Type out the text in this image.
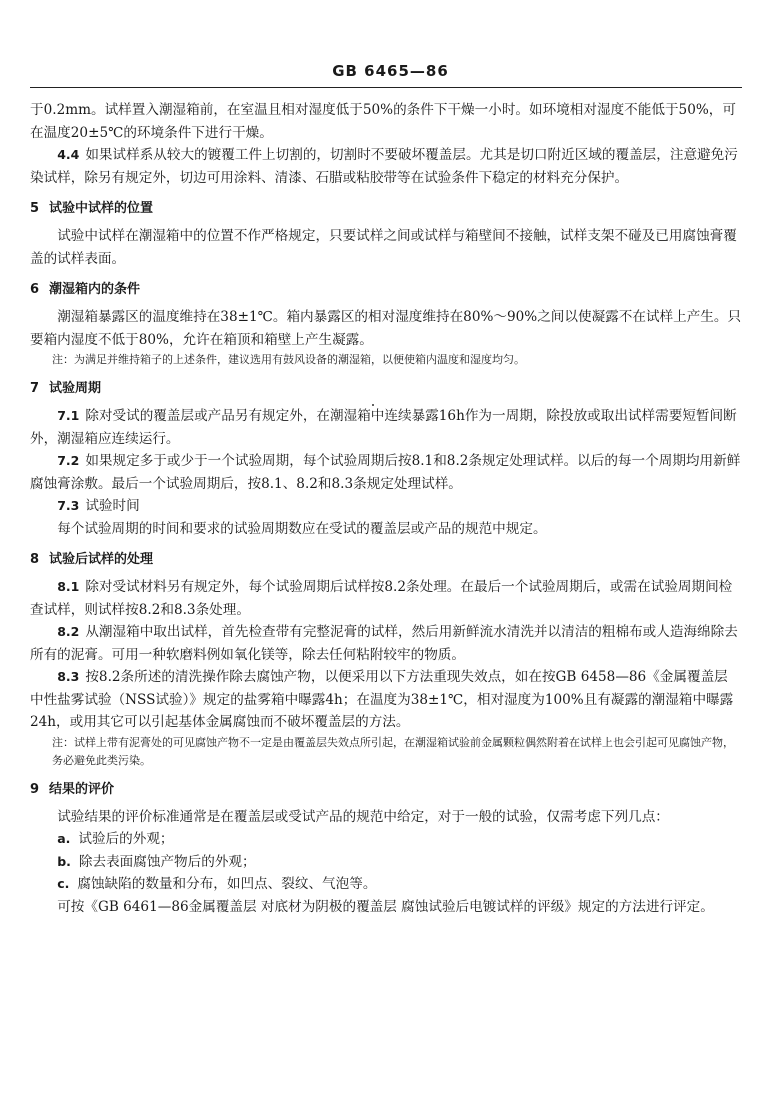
GB 6465—86

于0.2mm。试样置入潮湿箱前，在室温且相对湿度低于50%的条件下干燥一小时。如环境相对湿度不能低于50%，可在温度20±5℃的环境条件下进行干燥。

4.4 如果试样系从较大的镀覆工件上切割的，切割时不要破坏覆盖层。尤其是切口附近区域的覆盖层，注意避免污染试样，除另有规定外，切边可用涂料、清漆、石腊或粘胶带等在试验条件下稳定的材料充分保护。

5 试验中试样的位置

试验中试样在潮湿箱中的位置不作严格规定，只要试样之间或试样与箱壁间不接触，试样支架不碰及已用腐蚀膏覆盖的试样表面。

6 潮湿箱内的条件

潮湿箱暴露区的温度维持在38±1℃。箱内暴露区的相对湿度维持在80%～90%之间以使凝露不在试样上产生。只要箱内湿度不低于80%，允许在箱顶和箱壁上产生凝露。

注：为满足并维持箱子的上述条件，建议选用有鼓风设备的潮湿箱，以便使箱内温度和湿度均匀。

7 试验周期

7.1 除对受试的覆盖层或产品另有规定外，在潮湿箱中连续暴露16h作为一周期，除投放或取出试样需要短暂间断外，潮湿箱应连续运行。

7.2 如果规定多于或少于一个试验周期，每个试验周期后按8.1和8.2条规定处理试样。以后的每一个周期均用新鲜腐蚀膏涂敷。最后一个试验周期后，按8.1、8.2和8.3条规定处理试样。

7.3 试验时间

每个试验周期的时间和要求的试验周期数应在受试的覆盖层或产品的规范中规定。

8 试验后试样的处理

8.1 除对受试材料另有规定外，每个试验周期后试样按8.2条处理。在最后一个试验周期后，或需在试验周期间检查试样，则试样按8.2和8.3条处理。

8.2 从潮湿箱中取出试样，首先检查带有完整泥膏的试样，然后用新鲜流水清洗并以清洁的粗棉布或人造海绵除去所有的泥膏。可用一种软磨料例如氧化镁等，除去任何粘附较牢的物质。

8.3 按8.2条所述的清洗操作除去腐蚀产物，以便采用以下方法重现失效点，如在按GB 6458—86《金属覆盖层 中性盐雾试验（NSS试验）》规定的盐雾箱中曝露4h；在温度为38±1℃，相对湿度为100%且有凝露的潮湿箱中曝露24h，或用其它可以引起基体金属腐蚀而不破坏覆盖层的方法。

注：试样上带有泥膏处的可见腐蚀产物不一定是由覆盖层失效点所引起，在潮湿箱试验前金属颗粒偶然附着在试样上也会引起可见腐蚀产物，务必避免此类污染。

9 结果的评价

试验结果的评价标准通常是在覆盖层或受试产品的规范中给定，对于一般的试验，仅需考虑下列几点：

a. 试验后的外观；

b. 除去表面腐蚀产物后的外观；

c. 腐蚀缺陷的数量和分布，如凹点、裂纹、气泡等。

可按《GB 6461—86金属覆盖层 对底材为阴极的覆盖层 腐蚀试验后电镀试样的评级》规定的方法进行评定。
